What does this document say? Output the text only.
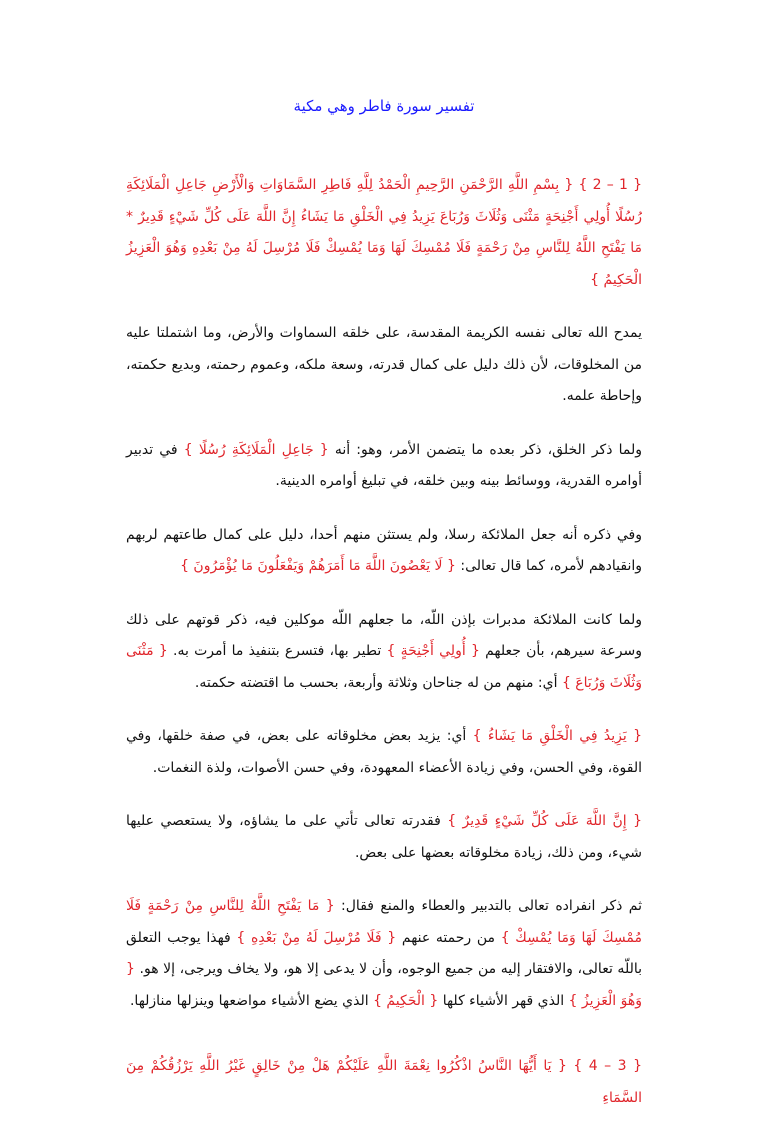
تفسير سورة فاطر وهي مكية

{ 1 – 2 } { بِسْمِ اللَّهِ الرَّحْمَنِ الرَّحِيمِ الْحَمْدُ لِلَّهِ فَاطِرِ السَّمَاوَاتِ وَالْأَرْضِ جَاعِلِ الْمَلَائِكَةِ رُسُلًا أُولِي أَجْنِحَةٍ مَثْنَى وَثُلَاثَ وَرُبَاعَ يَزِيدُ فِي الْخَلْقِ مَا يَشَاءُ إِنَّ اللَّهَ عَلَى كُلِّ شَيْءٍ قَدِيرٌ * مَا يَفْتَحِ اللَّهُ لِلنَّاسِ مِنْ رَحْمَةٍ فَلَا مُمْسِكَ لَهَا وَمَا يُمْسِكْ فَلَا مُرْسِلَ لَهُ مِنْ بَعْدِهِ وَهُوَ الْعَزِيزُ الْحَكِيمُ }

يمدح الله تعالى نفسه الكريمة المقدسة، على خلقه السماوات والأرض، وما اشتملتا عليه من المخلوقات، لأن ذلك دليل على كمال قدرته، وسعة ملكه، وعموم رحمته، وبديع حكمته، وإحاطة علمه.

ولما ذكر الخلق، ذكر بعده ما يتضمن الأمر، وهو: أنه { جَاعِلِ الْمَلَائِكَةِ رُسُلًا } في تدبير أوامره القدرية، ووسائط بينه وبين خلقه، في تبليغ أوامره الدينية.

وفي ذكره أنه جعل الملائكة رسلا، ولم يستثن منهم أحدا، دليل على كمال طاعتهم لربهم وانقيادهم لأمره، كما قال تعالى: { لَا يَعْصُونَ اللَّهَ مَا أَمَرَهُمْ وَيَفْعَلُونَ مَا يُؤْمَرُونَ }

ولما كانت الملائكة مدبرات بإذن اللّه، ما جعلهم اللّه موكلين فيه، ذكر قوتهم على ذلك وسرعة سيرهم، بأن جعلهم { أُولِي أَجْنِحَةٍ } تطير بها، فتسرع بتنفيذ ما أمرت به. { مَثْنَى وَثُلَاثَ وَرُبَاعَ } أي: منهم من له جناحان وثلاثة وأربعة، بحسب ما اقتضته حكمته.

{ يَزِيدُ فِي الْخَلْقِ مَا يَشَاءُ } أي: يزيد بعض مخلوقاته على بعض، في صفة خلقها، وفي القوة، وفي الحسن، وفي زيادة الأعضاء المعهودة، وفي حسن الأصوات، ولذة النغمات.

{ إِنَّ اللَّهَ عَلَى كُلِّ شَيْءٍ قَدِيرٌ } فقدرته تعالى تأتي على ما يشاؤه، ولا يستعصي عليها شيء، ومن ذلك، زيادة مخلوقاته بعضها على بعض.

ثم ذكر انفراده تعالى بالتدبير والعطاء والمنع فقال: { مَا يَفْتَحِ اللَّهُ لِلنَّاسِ مِنْ رَحْمَةٍ فَلَا مُمْسِكَ لَهَا وَمَا يُمْسِكْ } من رحمته عنهم { فَلَا مُرْسِلَ لَهُ مِنْ بَعْدِهِ } فهذا يوجب التعلق باللّه تعالى، والافتقار إليه من جميع الوجوه، وأن لا يدعى إلا هو، ولا يخاف ويرجى، إلا هو. { وَهُوَ الْعَزِيزُ } الذي قهر الأشياء كلها { الْحَكِيمُ } الذي يضع الأشياء مواضعها وينزلها منازلها.

{ 3 – 4 } { يَا أَيُّهَا النَّاسُ اذْكُرُوا نِعْمَةَ اللَّهِ عَلَيْكُمْ هَلْ مِنْ خَالِقٍ غَيْرُ اللَّهِ يَرْزُقُكُمْ مِنَ السَّمَاءِ
